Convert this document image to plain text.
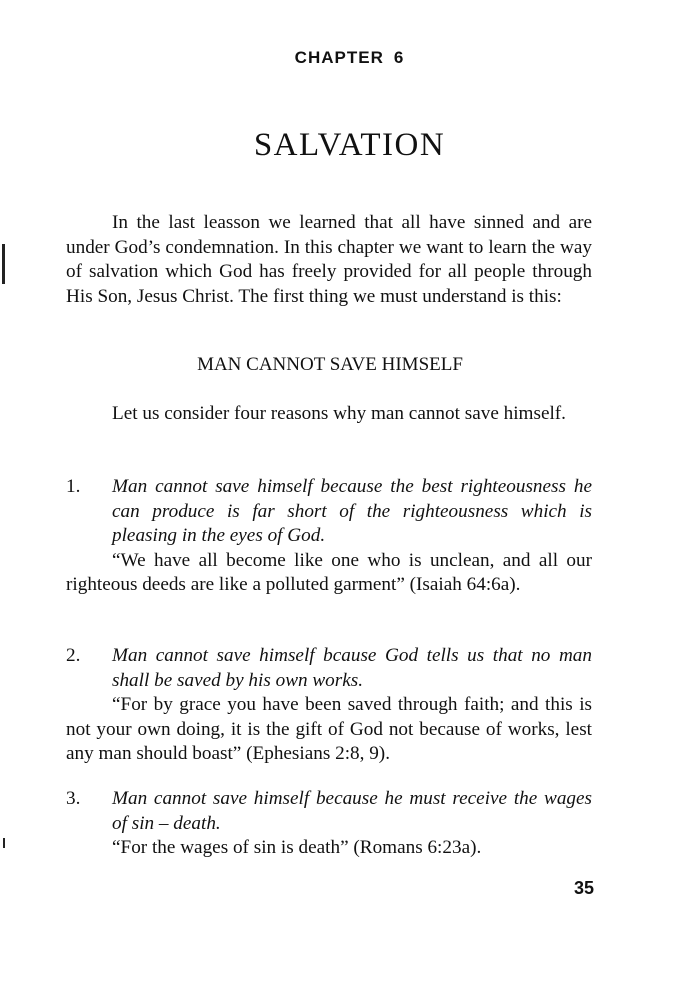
CHAPTER 6
SALVATION

In the last leasson we learned that all have sinned and are under God’s condemnation. In this chapter we want to learn the way of salvation which God has freely provided for all people through His Son, Jesus Christ. The first thing we must understand is this:

MAN CANNOT SAVE HIMSELF

Let us consider four reasons why man cannot save himself.

1.	Man cannot save himself because the best righteousness he can produce is far short of the righteousness which is pleasing in the eyes of God.

“We have all become like one who is unclean, and all our righteous deeds are like a polluted garment” (Isaiah 64:6a).

2.	Man cannot save himself bcause God tells us that no man shall be saved by his own works.

“For by grace you have been saved through faith; and this is not your own doing, it is the gift of God not because of works, lest any man should boast” (Ephesians 2:8, 9).

3.	Man cannot save himself because he must receive the wages of sin – death.

“For the wages of sin is death” (Romans 6:23a).

35
